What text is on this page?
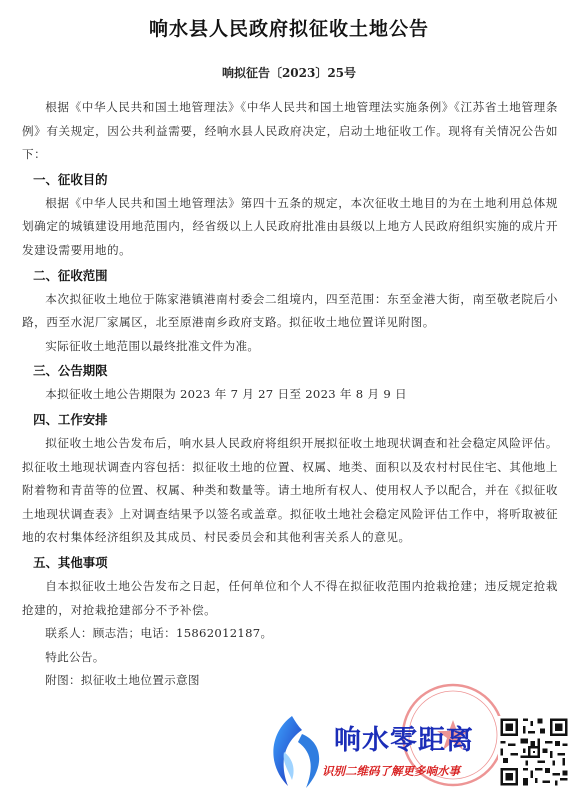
响水县人民政府拟征收土地公告
响拟征告〔2023〕25号

根据《中华人民共和国土地管理法》《中华人民共和国土地管理法实施条例》《江苏省土地管理条例》有关规定，因公共利益需要，经响水县人民政府决定，启动土地征收工作。现将有关情况公告如下：

一、征收目的

根据《中华人民共和国土地管理法》第四十五条的规定，本次征收土地目的为在土地利用总体规划确定的城镇建设用地范围内，经省级以上人民政府批准由县级以上地方人民政府组织实施的成片开发建设需要用地的。

二、征收范围

本次拟征收土地位于陈家港镇港南村委会二组境内，四至范围：东至金港大街，南至敬老院后小路，西至水泥厂家属区，北至原港南乡政府支路。拟征收土地位置详见附图。

实际征收土地范围以最终批准文件为准。

三、公告期限

本拟征收土地公告期限为 2023 年 7 月 27 日至 2023 年 8 月 9 日

四、工作安排

拟征收土地公告发布后，响水县人民政府将组织开展拟征收土地现状调查和社会稳定风险评估。拟征收土地现状调查内容包括：拟征收土地的位置、权属、地类、面积以及农村村民住宅、其他地上附着物和青苗等的位置、权属、种类和数量等。请土地所有权人、使用权人予以配合，并在《拟征收土地现状调查表》上对调查结果予以签名或盖章。拟征收土地社会稳定风险评估工作中，将听取被征地的农村集体经济组织及其成员、村民委员会和其他利害关系人的意见。

五、其他事项

自本拟征收土地公告发布之日起，任何单位和个人不得在拟征收范围内抢栽抢建；违反规定抢栽抢建的，对抢栽抢建部分不予补偿。

联系人：顾志浩；电话：15862012187。

特此公告。

附图：拟征收土地位置示意图

响水零距离
识别二维码了解更多响水事
